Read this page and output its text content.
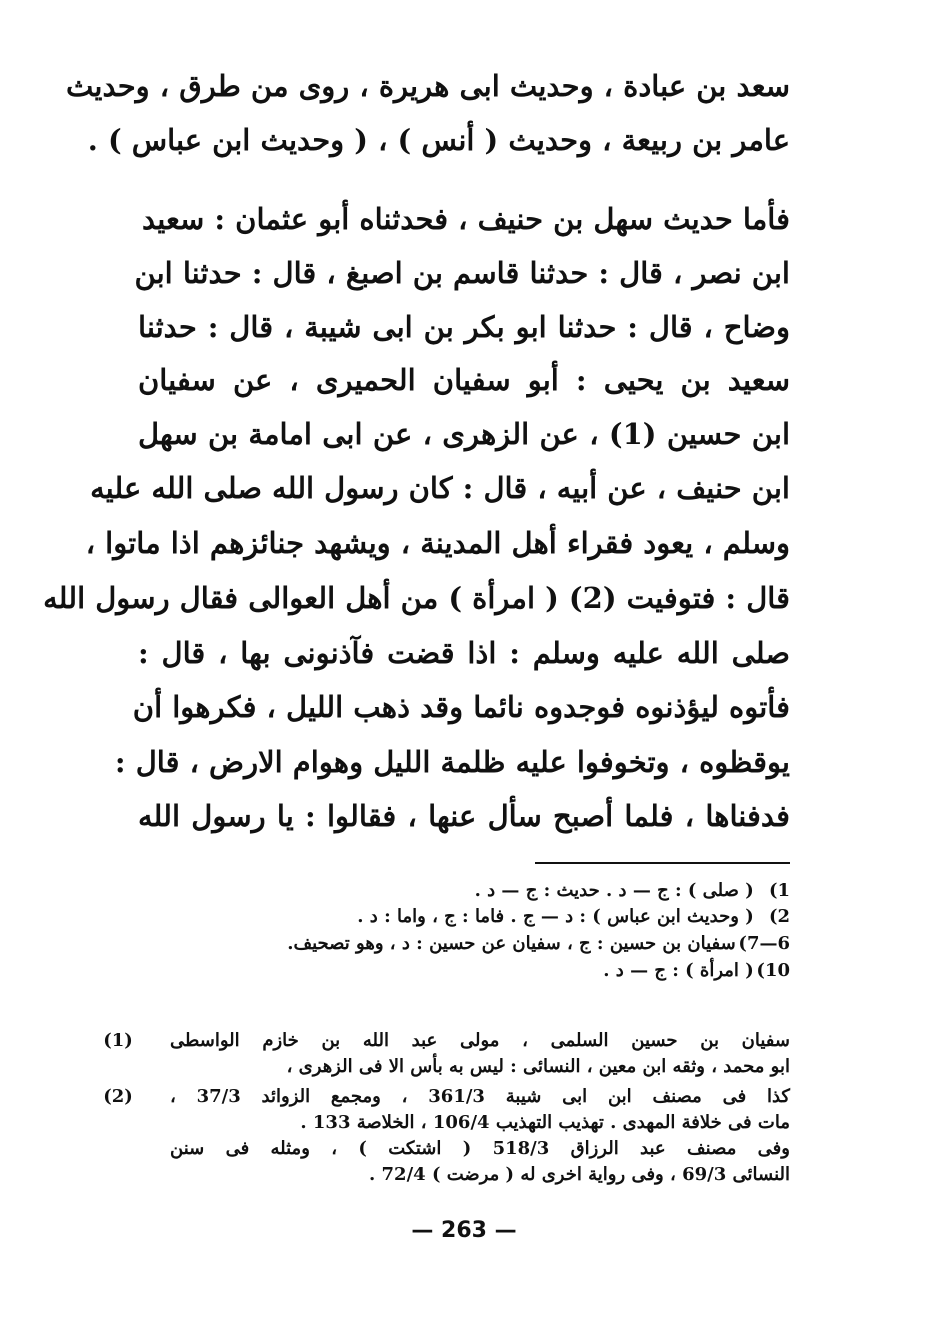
سعد بن عبادة ، وحديث ابى هريرة ، روى من طرق ، وحديث
عامر بن ربيعة ، وحديث ( أنس ) ، ( وحديث ابن عباس ) .
فأما حديث سهل بن حنيف ، فحدثناه أبو عثمان : سعيد
ابن نصر ، قال : حدثنا قاسم بن اصبغ ، قال : حدثنا ابن
وضاح ، قال : حدثنا ابو بكر بن ابى شيبة ، قال : حدثنا
سعيد بن يحيى : أبو سفيان الحميرى ، عن سفيان
ابن حسين (1) ، عن الزهرى ، عن ابى امامة بن سهل
ابن حنيف ، عن أبيه ، قال : كان رسول الله صلى الله عليه
وسلم ، يعود فقراء أهل المدينة ، ويشهد جنائزهم اذا ماتوا ،
قال : فتوفيت (2) ( امرأة ) من أهل العوالى فقال رسول الله
صلى الله عليه وسلم : اذا قضت فآذنونى بها ، قال :
فأتوه ليؤذنوه فوجدوه نائما وقد ذهب الليل ، فكرهوا أن
يوقظوه ، وتخوفوا عليه ظلمة الليل وهوام الارض ، قال :
فدفناها ، فلما أصبح سأل عنها ، فقالوا : يا رسول الله
1) ( صلى ) : ج — د . حديث : ج — د .
2) ( وحديث ابن عباس ) : د — ج . فاما : ج ، واما : د .
6—7) سفيان بن حسين : ج ، سفيان عن حسين : د ، وهو تصحيف.
10) ( امرأة ) : ج — د .
(1) سفيان بن حسين السلمى ، مولى عبد الله بن خازم الواسطى
ابو محمد ، وثقه ابن معين ، النسائى : ليس به بأس الا فى الزهرى ،
(2) كذا فى مصنف ابن ابى شيبة 361/3 ، ومجمع الزوائد 37/3 ،
مات فى خلافة المهدى . تهذيب التهذيب 106/4 ، الخلاصة 133 .
وفى مصنف عبد الرزاق 518/3 ( اشتكت ) ، ومثله فى سنن
النسائى 69/3 ، وفى رواية اخرى له ( مرضت ) 72/4 .
— 263 —
